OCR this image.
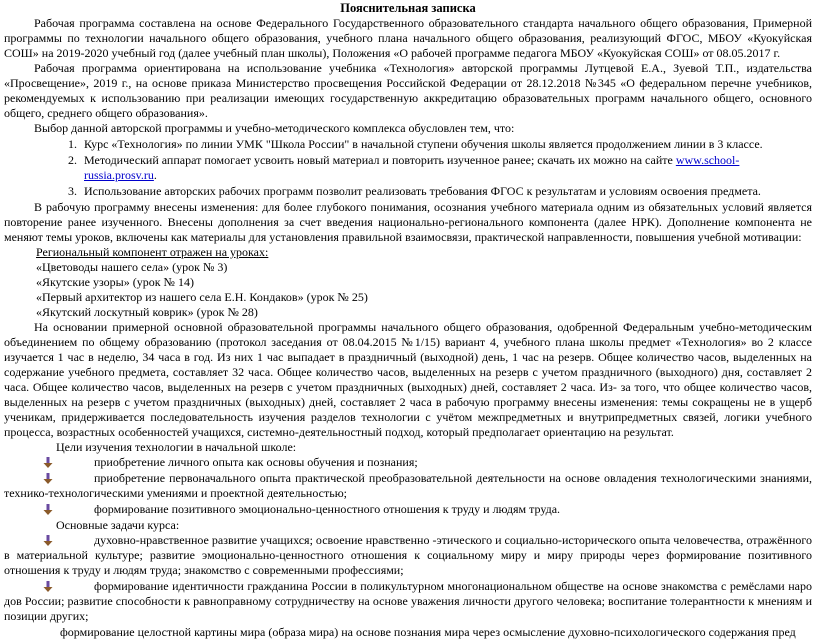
Пояснительная записка

Рабочая программа составлена на основе Федерального Государственного образовательного стандарта начального общего образования, Примерной программы по технологии начального общего образования, учебного плана начального общего образования, реализующий ФГОС, МБОУ «Куокуйская СОШ» на 2019-2020 учебный год (далее учебный план школы), Положения «О рабочей программе педагога МБОУ «Куокуйская СОШ» от 08.05.2017 г.

Рабочая программа ориентирована на использование учебника «Технология» авторской программы Лутцевой Е.А., Зуевой Т.П., издательства «Просвещение», 2019 г., на основе приказа Министерство просвещения Российской Федерации от 28.12.2018 №345 «О федеральном перечне учебников, рекомендуемых к использованию при реализации имеющих государственную аккредитацию образовательных программ начального общего, основного общего, среднего общего образования».

Выбор данной авторской программы и учебно-методического комплекса обусловлен тем, что:

1. Курс «Технология» по линии УМК "Школа России" в начальной ступени обучения школы является продолжением линии в 3 классе.
2. Методический аппарат помогает усвоить новый материал и повторить изученное ранее; скачать их можно на сайте www.school-russia.prosv.ru.
3. Использование авторских рабочих программ позволит реализовать требования ФГОС к результатам и условиям освоения предмета.

В рабочую программу внесены изменения: для более глубокого понимания, осознания учебного материала одним из обязательных условий является повторение ранее изученного. Внесены дополнения за счет введения национально-регионального компонента (далее НРК). Дополнение компонента не меняют темы уроков, включены как материалы для установления правильной взаимосвязи, практической направленности, повышения учебной мотивации:

Региональный компонент отражен на уроках:

«Цветоводы нашего села» (урок № 3)

«Якутские узоры» (урок № 14)

«Первый архитектор из нашего села Е.Н. Кондаков» (урок № 25)

«Якутский лоскутный коврик» (урок № 28)

На основании примерной основной образовательной программы начального общего образования, одобренной Федеральным учебно-методическим объединением по общему образованию (протокол заседания от 08.04.2015 №1/15) вариант 4, учебного плана школы предмет «Технология» во 2 классе изучается 1 час в неделю, 34 часа в год. Из них 1 час выпадает в праздничный (выходной) день, 1 час на резерв. Общее количество часов, выделенных на содержание учебного предмета, составляет 32 часа. Общее количество часов, выделенных на резерв с учетом праздничного (выходного) дня, составляет 2 часа. Общее количество часов, выделенных на резерв с учетом праздничных (выходных) дней, составляет 2 часа. Из- за того, что общее количество часов, выделенных на резерв с учетом праздничных (выходных) дней, составляет 2 часа в рабочую программу внесены изменения: темы сокращены не в ущерб ученикам, придерживается последовательность изучения разделов технологии с учётом межпредметных и внутрипредметных связей, логики учебного процесса, возрастных особенностей учащихся, системно-деятельностный подход, который предполагает ориентацию на результат.

Цели изучения технологии в начальной школе:

приобретение личного опыта как основы обучения и познания;
приобретение первоначального опыта практической преобразовательной деятельности на основе овладения технологическими знаниями, технико-технологическими умениями и проектной деятельностью;
формирование позитивного эмоционально-ценностного отношения к труду и людям труда.

Основные задачи курса:

духовно-нравственное развитие учащихся; освоение нравственно -этического и социально-исторического опыта человечества, отражённого в материальной культуре; развитие эмоционально-ценностного отношения к социальному миру и миру природы через формирование позитивного отношения к труду и людям труда; знакомство с современными профессиями;
формирование идентичности гражданина России в поликультурном многонациональном обществе на основе знакомства с ремёслами наро дов России; развитие способности к равноправному сотрудничеству на основе уважения личности другого человека; воспитание толерантности к мнениям и позиции других;

формирование целостной картины мира (образа мира) на основе познания мира через осмысление духовно-психологического содержания пред
